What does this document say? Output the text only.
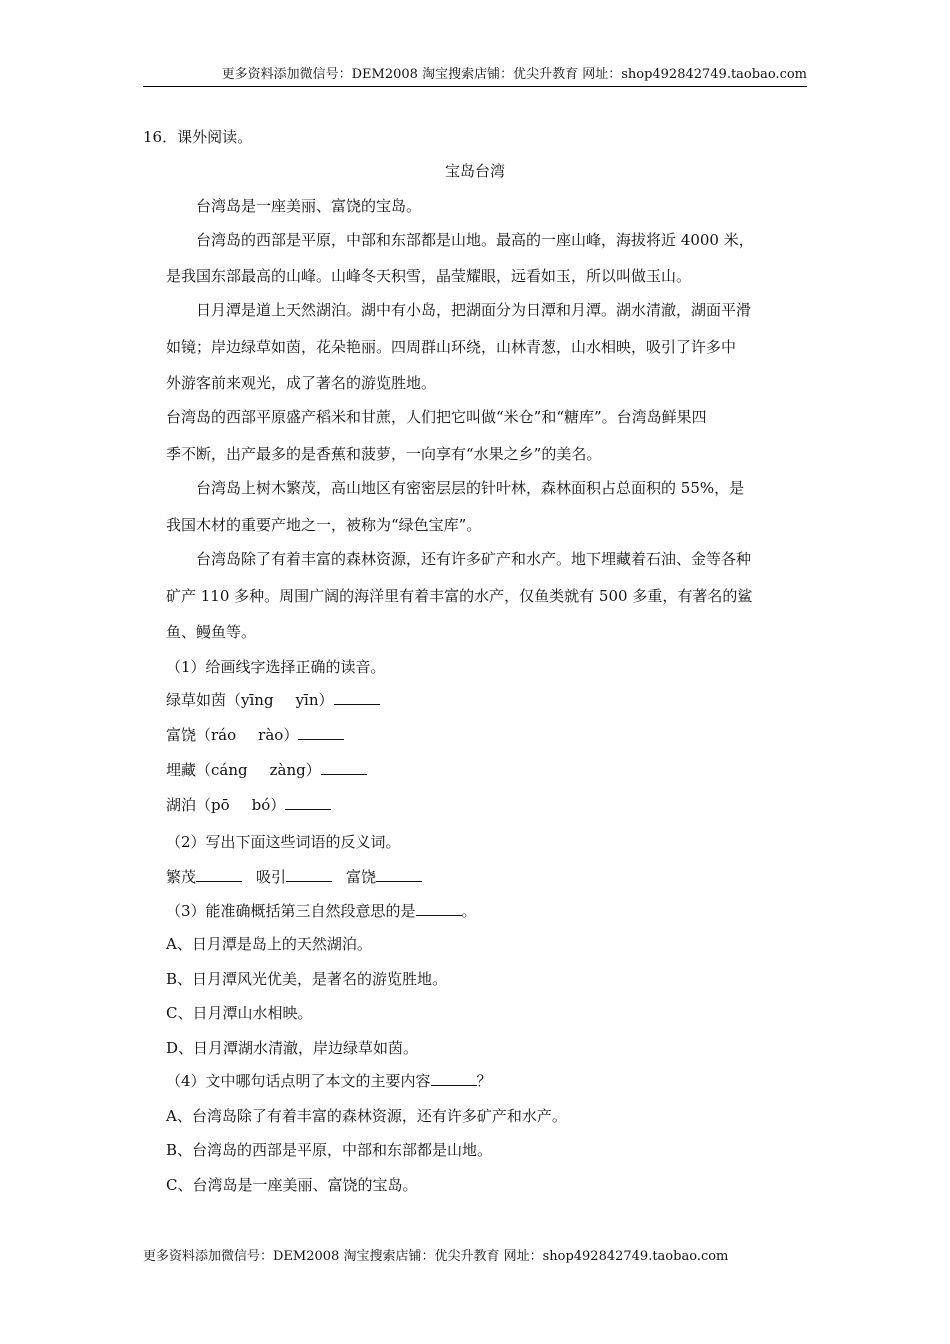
更多资料添加微信号：DEM2008 淘宝搜索店铺：优尖升教育 网址：shop492842749.taobao.com
16．课外阅读。
宝岛台湾
台湾岛是一座美丽、富饶的宝岛。
台湾岛的西部是平原，中部和东部都是山地。最高的一座山峰，海拔将近 4000 米，
是我国东部最高的山峰。山峰冬天积雪，晶莹耀眼，远看如玉，所以叫做玉山。
日月潭是道上天然湖泊。湖中有小岛，把湖面分为日潭和月潭。湖水清澈，湖面平滑
如镜；岸边绿草如茵，花朵艳丽。四周群山环绕，山林青葱，山水相映，吸引了许多中
外游客前来观光，成了著名的游览胜地。
台湾岛的西部平原盛产稻米和甘蔗，人们把它叫做“米仓”和“糖库”。台湾岛鲜果四
季不断，出产最多的是香蕉和菠萝，一向享有“水果之乡”的美名。
台湾岛上树木繁茂，高山地区有密密层层的针叶林，森林面积占总面积的 55%，是
我国木材的重要产地之一，被称为“绿色宝库”。
台湾岛除了有着丰富的森林资源，还有许多矿产和水产。地下埋藏着石油、金等各种
矿产 110 多种。周围广阔的海洋里有着丰富的水产，仅鱼类就有 500 多重，有著名的鲨
鱼、鳗鱼等。
（1）给画线字选择正确的读音。
绿草如茵（yīng yīn）
富饶（ráo rào）
埋藏（cáng zàng）
湖泊（pō bó）
（2）写出下面这些词语的反义词。
繁茂	吸引	富饶
（3）能准确概括第三自然段意思的是	。
A、日月潭是岛上的天然湖泊。
B、日月潭风光优美，是著名的游览胜地。
C、日月潭山水相映。
D、日月潭湖水清澈，岸边绿草如茵。
（4）文中哪句话点明了本文的主要内容	？
A、台湾岛除了有着丰富的森林资源，还有许多矿产和水产。
B、台湾岛的西部是平原，中部和东部都是山地。
C、台湾岛是一座美丽、富饶的宝岛。
更多资料添加微信号：DEM2008 淘宝搜索店铺：优尖升教育 网址：shop492842749.taobao.com
